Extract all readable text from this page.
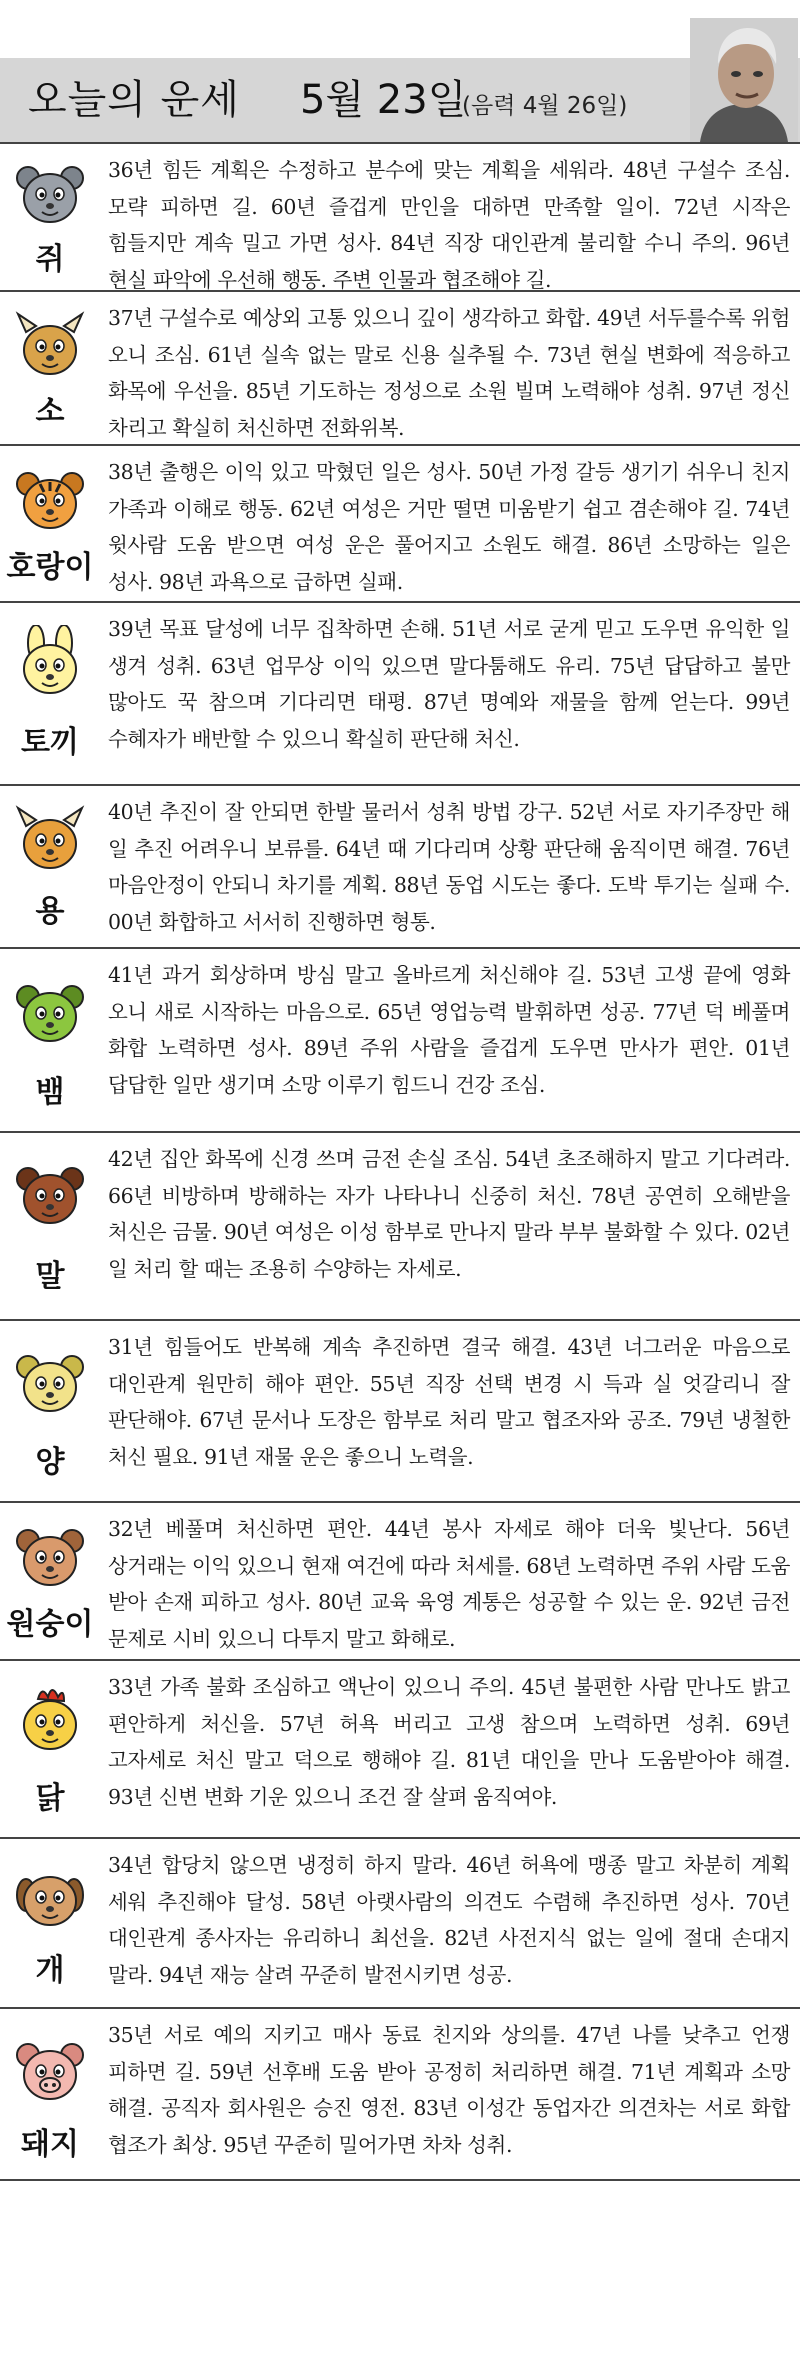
오늘의 운세 5월 23일
(음력 4월 26일)
쥐
36년 힘든 계획은 수정하고 분수에 맞는 계획을 세워라. 48년 구설수 조심. 모략 피하면 길. 60년 즐겁게 만인을 대하면 만족할 일이. 72년 시작은 힘들지만 계속 밀고 가면 성사. 84년 직장 대인관계 불리할 수니 주의. 96년 현실 파악에 우선해 행동. 주변 인물과 협조해야 길.
소
37년 구설수로 예상외 고통 있으니 깊이 생각하고 화합. 49년 서두를수록 위험 오니 조심. 61년 실속 없는 말로 신용 실추될 수. 73년 현실 변화에 적응하고 화목에 우선을. 85년 기도하는 정성으로 소원 빌며 노력해야 성취. 97년 정신 차리고 확실히 처신하면 전화위복.
호랑이
38년 출행은 이익 있고 막혔던 일은 성사. 50년 가정 갈등 생기기 쉬우니 친지 가족과 이해로 행동. 62년 여성은 거만 떨면 미움받기 쉽고 겸손해야 길. 74년 윗사람 도움 받으면 여성 운은 풀어지고 소원도 해결. 86년 소망하는 일은 성사. 98년 과욕으로 급하면 실패.
토끼
39년 목표 달성에 너무 집착하면 손해. 51년 서로 굳게 믿고 도우면 유익한 일 생겨 성취. 63년 업무상 이익 있으면 말다툼해도 유리. 75년 답답하고 불만 많아도 꾹 참으며 기다리면 태평. 87년 명예와 재물을 함께 얻는다. 99년 수혜자가 배반할 수 있으니 확실히 판단해 처신.
용
40년 추진이 잘 안되면 한발 물러서 성취 방법 강구. 52년 서로 자기주장만 해 일 추진 어려우니 보류를. 64년 때 기다리며 상황 판단해 움직이면 해결. 76년 마음안정이 안되니 차기를 계획. 88년 동업 시도는 좋다. 도박 투기는 실패 수. 00년 화합하고 서서히 진행하면 형통.
뱀
41년 과거 회상하며 방심 말고 올바르게 처신해야 길. 53년 고생 끝에 영화 오니 새로 시작하는 마음으로. 65년 영업능력 발휘하면 성공. 77년 덕 베풀며 화합 노력하면 성사. 89년 주위 사람을 즐겁게 도우면 만사가 편안. 01년 답답한 일만 생기며 소망 이루기 힘드니 건강 조심.
말
42년 집안 화목에 신경 쓰며 금전 손실 조심. 54년 초조해하지 말고 기다려라. 66년 비방하며 방해하는 자가 나타나니 신중히 처신. 78년 공연히 오해받을 처신은 금물. 90년 여성은 이성 함부로 만나지 말라 부부 불화할 수 있다. 02년 일 처리 할 때는 조용히 수양하는 자세로.
양
31년 힘들어도 반복해 계속 추진하면 결국 해결. 43년 너그러운 마음으로 대인관계 원만히 해야 편안. 55년 직장 선택 변경 시 득과 실 엇갈리니 잘 판단해야. 67년 문서나 도장은 함부로 처리 말고 협조자와 공조. 79년 냉철한 처신 필요. 91년 재물 운은 좋으니 노력을.
원숭이
32년 베풀며 처신하면 편안. 44년 봉사 자세로 해야 더욱 빛난다. 56년 상거래는 이익 있으니 현재 여건에 따라 처세를. 68년 노력하면 주위 사람 도움 받아 손재 피하고 성사. 80년 교육 육영 계통은 성공할 수 있는 운. 92년 금전 문제로 시비 있으니 다투지 말고 화해로.
닭
33년 가족 불화 조심하고 액난이 있으니 주의. 45년 불편한 사람 만나도 밝고 편안하게 처신을. 57년 허욕 버리고 고생 참으며 노력하면 성취. 69년 고자세로 처신 말고 덕으로 행해야 길. 81년 대인을 만나 도움받아야 해결. 93년 신변 변화 기운 있으니 조건 잘 살펴 움직여야.
개
34년 합당치 않으면 냉정히 하지 말라. 46년 허욕에 맹종 말고 차분히 계획 세워 추진해야 달성. 58년 아랫사람의 의견도 수렴해 추진하면 성사. 70년 대인관계 종사자는 유리하니 최선을. 82년 사전지식 없는 일에 절대 손대지 말라. 94년 재능 살려 꾸준히 발전시키면 성공.
돼지
35년 서로 예의 지키고 매사 동료 친지와 상의를. 47년 나를 낮추고 언쟁 피하면 길. 59년 선후배 도움 받아 공정히 처리하면 해결. 71년 계획과 소망 해결. 공직자 회사원은 승진 영전. 83년 이성간 동업자간 의견차는 서로 화합 협조가 최상. 95년 꾸준히 밀어가면 차차 성취.
